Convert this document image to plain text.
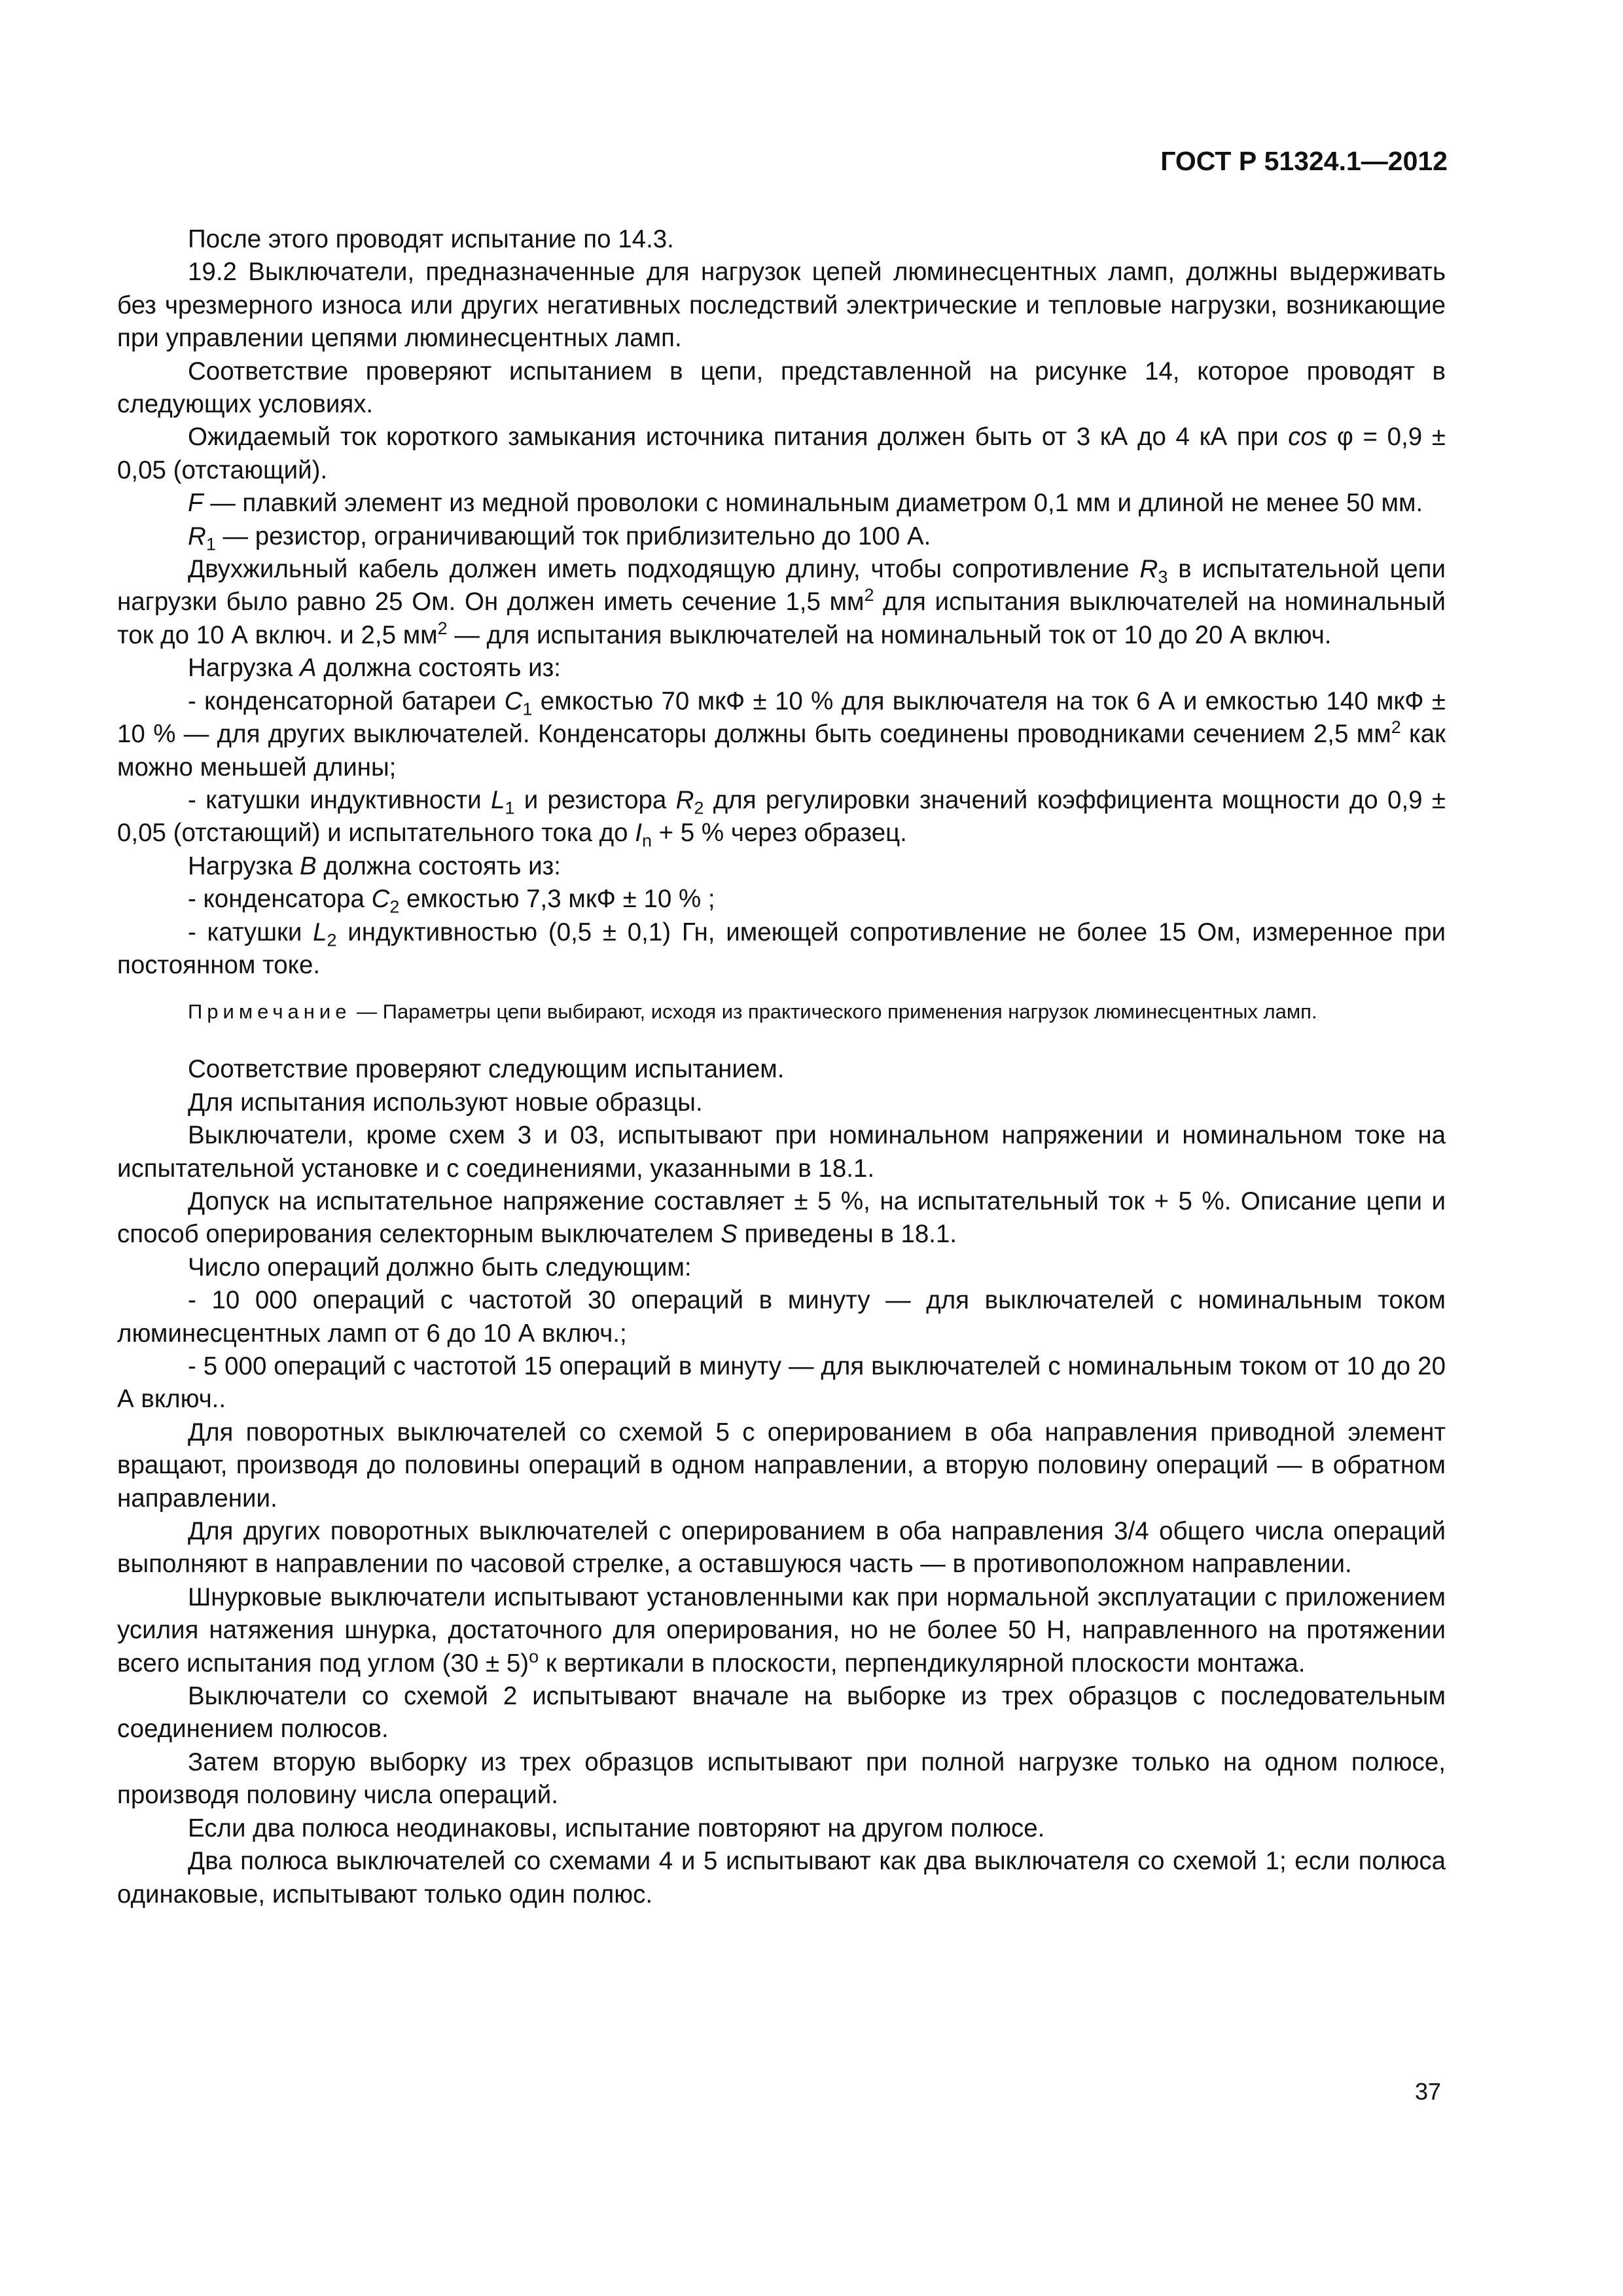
ГОСТ Р 51324.1—2012

После этого проводят испытание по 14.3.

19.2 Выключатели, предназначенные для нагрузок цепей люминесцентных ламп, должны выдерживать без чрезмерного износа или других негативных последствий электрические и тепловые нагрузки, возникающие при управлении цепями люминесцентных ламп.

Соответствие проверяют испытанием в цепи, представленной на рисунке 14, которое проводят в следующих условиях.

Ожидаемый ток короткого замыкания источника питания должен быть от 3 кА до 4 кА при cos φ = 0,9 ± 0,05 (отстающий).

F — плавкий элемент из медной проволоки с номинальным диаметром 0,1 мм и длиной не менее 50 мм.

$R_1$ — резистор, ограничивающий ток приблизительно до 100 А.

Двухжильный кабель должен иметь подходящую длину, чтобы сопротивление $R_3$ в испытательной цепи нагрузки было равно 25 Ом. Он должен иметь сечение 1,5 $мм^2$ для испытания выключателей на номинальный ток до 10 А включ. и 2,5 $мм^2$ — для испытания выключателей на номинальный ток от 10 до 20 А включ.

Нагрузка А должна состоять из:

- конденсаторной батареи $С_1$ емкостью 70 мкФ ± 10 % для выключателя на ток 6 А и емкостью 140 мкФ ± 10 % — для других выключателей. Конденсаторы должны быть соединены проводниками сечением 2,5 $мм^2$ как можно меньшей длины;

- катушки индуктивности $L_1$ и резистора $R_2$ для регулировки значений коэффициента мощности до 0,9 ± 0,05 (отстающий) и испытательного тока до $I_n + 5$ % через образец.

Нагрузка В должна состоять из:

- конденсатора $С_2$ емкостью 7,3 мкФ ± 10 % ;

- катушки $L_2$ индуктивностью (0,5 ± 0,1) Гн, имеющей сопротивление не более 15 Ом, измеренное при постоянном токе.

Примечание — Параметры цепи выбирают, исходя из практического применения нагрузок люминесцентных ламп.

Соответствие проверяют следующим испытанием.

Для испытания используют новые образцы.

Выключатели, кроме схем 3 и 03, испытывают при номинальном напряжении и номинальном токе на испытательной установке и с соединениями, указанными в 18.1.

Допуск на испытательное напряжение составляет ± 5 %, на испытательный ток + 5 %. Описание цепи и способ оперирования селекторным выключателем S приведены в 18.1.

Число операций должно быть следующим:

- 10 000 операций с частотой 30 операций в минуту — для выключателей с номинальным током люминесцентных ламп от 6 до 10 А включ.;

- 5 000 операций с частотой 15 операций в минуту — для выключателей с номинальным током от 10 до 20 А включ..

Для поворотных выключателей со схемой 5 с оперированием в оба направления приводной элемент вращают, производя до половины операций в одном направлении, а вторую половину операций — в обратном направлении.

Для других поворотных выключателей с оперированием в оба направления 3/4 общего числа операций выполняют в направлении по часовой стрелке, а оставшуюся часть — в противоположном направлении.

Шнурковые выключатели испытывают установленными как при нормальной эксплуатации с приложением усилия натяжения шнурка, достаточного для оперирования, но не более 50 Н, направленного на протяжении всего испытания под углом $(30 \pm 5)^о$ к вертикали в плоскости, перпендикулярной плоскости монтажа.

Выключатели со схемой 2 испытывают вначале на выборке из трех образцов с последовательным соединением полюсов.

Затем вторую выборку из трех образцов испытывают при полной нагрузке только на одном полюсе, производя половину числа операций.

Если два полюса неодинаковы, испытание повторяют на другом полюсе.

Два полюса выключателей со схемами 4 и 5 испытывают как два выключателя со схемой 1; если полюса одинаковые, испытывают только один полюс.

37
